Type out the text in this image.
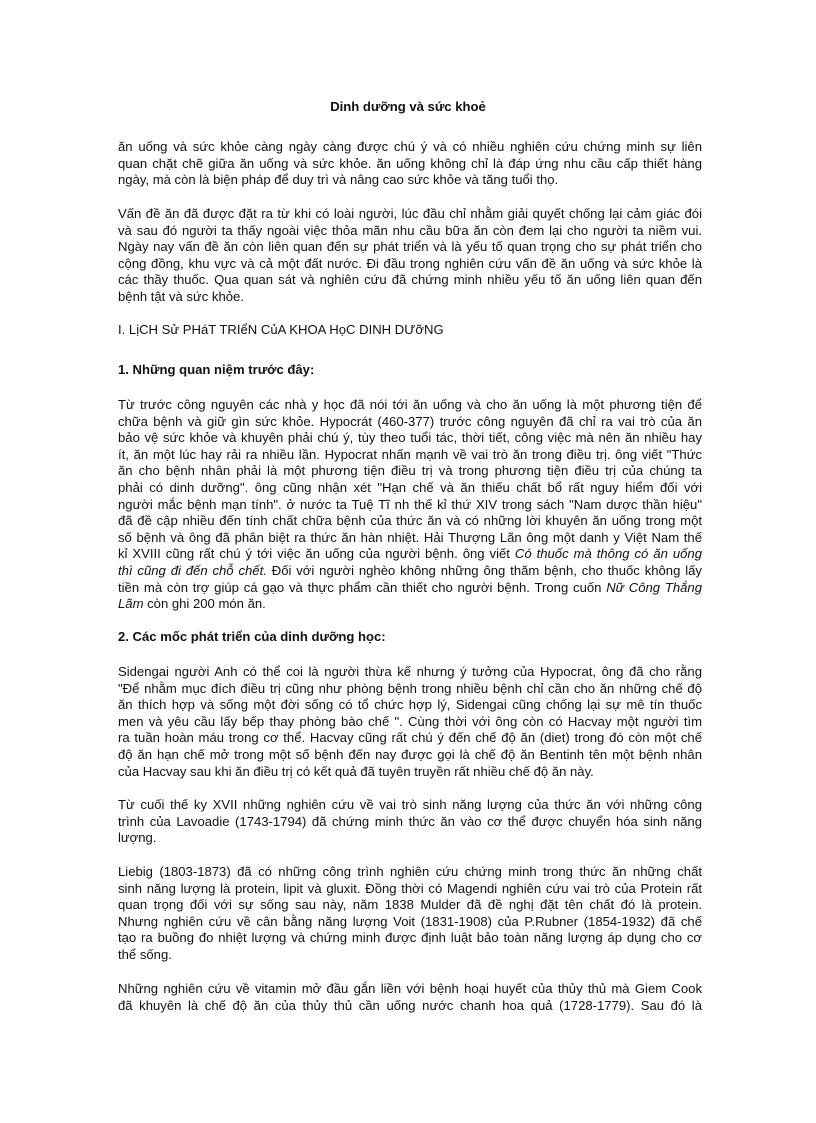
Dinh dưỡng và sức khoẻ
ăn uống và sức khỏe càng ngày càng được chú ý và có nhiều nghiên cứu chứng minh sự liên
quan chặt chẽ giữa ăn uống và sức khỏe. ăn uống không chỉ là đáp ứng nhu cầu cấp thiết hàng
ngày, mà còn là biện pháp để duy trì và nâng cao sức khỏe và tăng tuổi thọ.
Vấn đề ăn đã được đặt ra từ khi có loài người, lúc đầu chỉ nhằm giải quyết chống lại cảm giác đói
và sau đó người ta thấy ngoài việc thỏa mãn nhu cầu bữa ăn còn đem lại cho người ta niềm vui.
Ngày nay vấn đề ăn còn liên quan đến sự phát triển và là yếu tố quan trọng cho sự phát triển cho
cộng đồng, khu vực và cả một đất nước. Đi đầu trong nghiên cứu vấn đề ăn uống và sức khỏe là
các thầy thuốc. Qua quan sát và nghiên cứu đã chứng minh nhiều yếu tố ăn uống liên quan đến
bệnh tật và sức khỏe.
I. LịCH Sử PHáT TRIểN CủA KHOA HọC DINH DƯỡNG
1. Những quan niệm trước đây:
Từ trước công nguyên các nhà y học đã nói tới ăn uống và cho ăn uống là một phương tiện để
chữa bệnh và giữ gìn sức khỏe. Hypocrát (460-377) trước công nguyên đã chỉ ra vai trò của ăn
bảo vệ sức khỏe và khuyên phải chú ý, tùy theo tuổi tác, thời tiết, công việc mà nên ăn nhiều hay
ít, ăn một lúc hay rải ra nhiều lần. Hypocrat nhấn mạnh về vai trò ăn trong điều trị. ông viết "Thức
ăn cho bệnh nhân phải là một phương tiện điều trị và trong phương tiện điều trị của chúng ta
phải có dinh dưỡng". ông cũng nhận xét "Hạn chế và ăn thiếu chất bổ rất nguy hiểm đối với
người mắc bệnh mạn tính". ở nước ta Tuệ Tĩ nh thế kỉ thứ XIV trong sách "Nam dược thần hiệu"
đã đề cập nhiều đến tính chất chữa bệnh của thức ăn và có những lời khuyên ăn uống trong một
số bệnh và ông đã phân biệt ra thức ăn hàn nhiệt. Hải Thượng Lãn ông một danh y Việt Nam thế
kỉ XVIII cũng rất chú ý tới việc ăn uống của người bệnh. ông viết Có thuốc mà thông có ăn uống
thì cũng đi đến chỗ chết. Đối với người nghèo không những ông thăm bệnh, cho thuốc không lấy
tiền mà còn trợ giúp cá gạo và thực phẩm cần thiết cho người bệnh. Trong cuốn Nữ Công Thắng
Lãm còn ghi 200 món ăn.
2. Các mốc phát triển của dinh dưỡng học:
Sidengai người Anh có thể coi là người thừa kế nhưng ý tưởng của Hypocrat, ông đã cho rằng
"Để nhằm mục đích điều trị cũng như phòng bệnh trong nhiều bệnh chỉ cần cho ăn những chế độ
ăn thích hợp và sống một đời sống có tổ chức hợp lý, Sidengai cũng chống lại sự mê tín thuốc
men và yêu cầu lấy bếp thay phòng bào chế ". Cùng thời với ông còn có Hacvay một người tìm
ra tuần hoàn máu trong cơ thể. Hacvay cũng rất chú ý đến chế độ ăn (diet) trong đó còn một chế
độ ăn hạn chế mở trong một số bệnh đến nay được gọi là chế độ ăn Bentinh tên một bệnh nhân
của Hacvay sau khi ăn điều trị có kết quả đã tuyên truyền rất nhiều chế độ ăn này.
Từ cuối thế ky XVII những nghiên cứu về vai trò sinh năng lượng của thức ăn với những công
trình của Lavoadie (1743-1794) đã chứng minh thức ăn vào cơ thể được chuyển hóa sinh năng
lượng.
Liebig (1803-1873) đã có những công trình nghiên cứu chứng minh trong thức ăn những chất
sinh năng lượng là protein, lipit và gluxit. Đồng thời có Magendi nghiên cứu vai trò của Protein rất
quan trọng đối với sự sống sau này, năm 1838 Mulder đã đề nghị đặt tên chất đó là protein.
Nhưng nghiên cứu về cân bằng năng lượng Voit (1831-1908) của P.Rubner (1854-1932) đã chế
tạo ra buồng đo nhiệt lượng và chứng minh được định luật bảo toàn năng lượng áp dụng cho cơ
thể sống.
Những nghiên cứu về vitamin mở đầu gắn liền với bệnh hoại huyết của thủy thủ mà Giem Cook
đã khuyên là chế độ ăn của thủy thủ cần uống nước chanh hoa quả (1728-1779). Sau đó là
